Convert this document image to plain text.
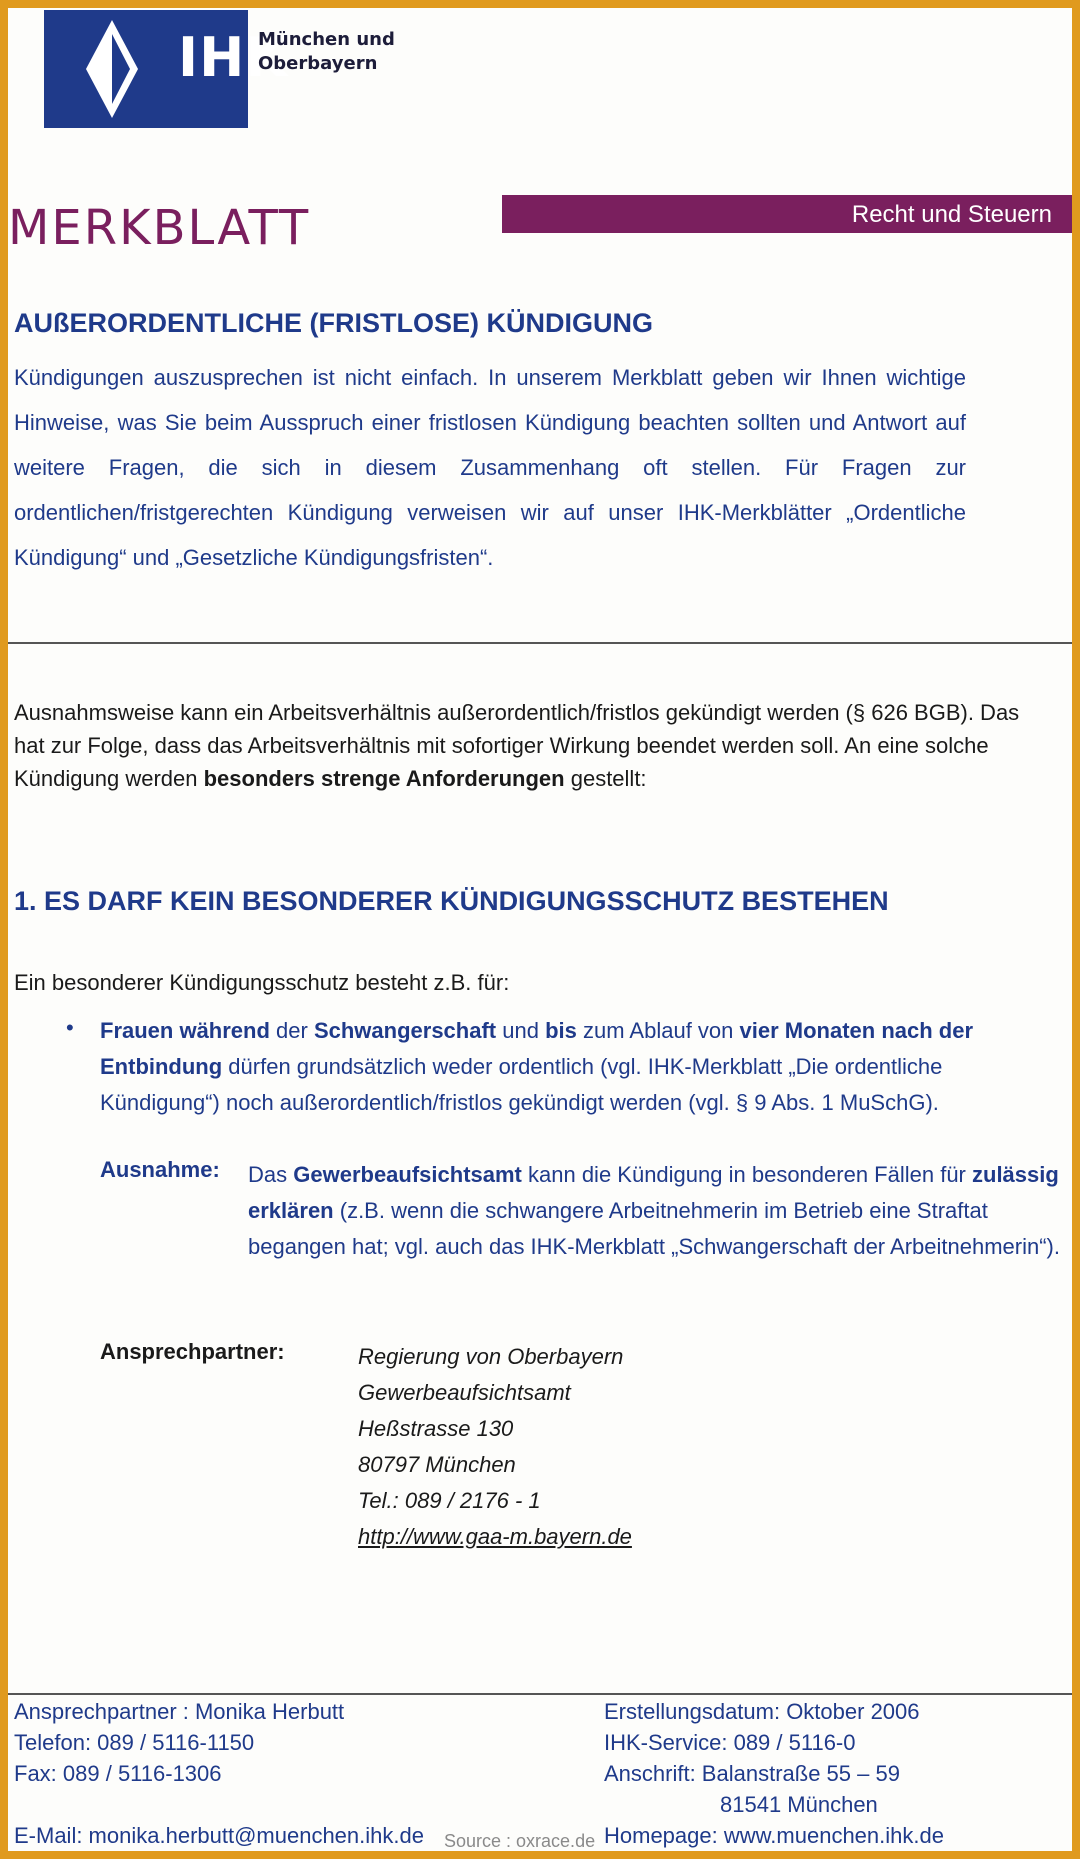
IHK
München und
Oberbayern
MERKBLATT	Recht und Steuern
AUßERORDENTLICHE (FRISTLOSE) KÜNDIGUNG
Kündigungen auszusprechen ist nicht einfach. In unserem Merkblatt geben wir Ihnen wichtige Hinweise, was Sie beim Ausspruch einer fristlosen Kündigung beachten sollten und Antwort auf weitere Fragen, die sich in diesem Zusammenhang oft stellen. Für Fragen zur ordentlichen/fristgerechten Kündigung verweisen wir auf unser IHK-Merkblätter „Ordentliche Kündigung“ und „Gesetzliche Kündigungsfristen“.
Ausnahmsweise kann ein Arbeitsverhältnis außerordentlich/fristlos gekündigt werden (§ 626 BGB). Das hat zur Folge, dass das Arbeitsverhältnis mit sofortiger Wirkung beendet werden soll. An eine solche Kündigung werden besonders strenge Anforderungen gestellt:
1. ES DARF KEIN BESONDERER KÜNDIGUNGSSCHUTZ BESTEHEN
Ein besonderer Kündigungsschutz besteht z.B. für:
• Frauen während der Schwangerschaft und bis zum Ablauf von vier Monaten nach der Entbindung dürfen grundsätzlich weder ordentlich (vgl. IHK-Merkblatt „Die ordentliche Kündigung“) noch außerordentlich/fristlos gekündigt werden (vgl. § 9 Abs. 1 MuSchG).
Ausnahme: Das Gewerbeaufsichtsamt kann die Kündigung in besonderen Fällen für zulässig erklären (z.B. wenn die schwangere Arbeitnehmerin im Betrieb eine Straftat begangen hat; vgl. auch das IHK-Merkblatt „Schwangerschaft der Arbeitnehmerin“).
Ansprechpartner:	Regierung von Oberbayern
Gewerbeaufsichtsamt
Heßstrasse 130
80797 München
Tel.: 089 / 2176 - 1
http://www.gaa-m.bayern.de
Ansprechpartner : Monika Herbutt
Telefon: 089 / 5116-1150
Fax: 089 / 5116-1306
E-Mail: monika.herbutt@muenchen.ihk.de
Erstellungsdatum: Oktober 2006
IHK-Service: 089 / 5116-0
Anschrift: Balanstraße 55 – 59
81541 München
Homepage: www.muenchen.ihk.de
Source : oxrace.de
